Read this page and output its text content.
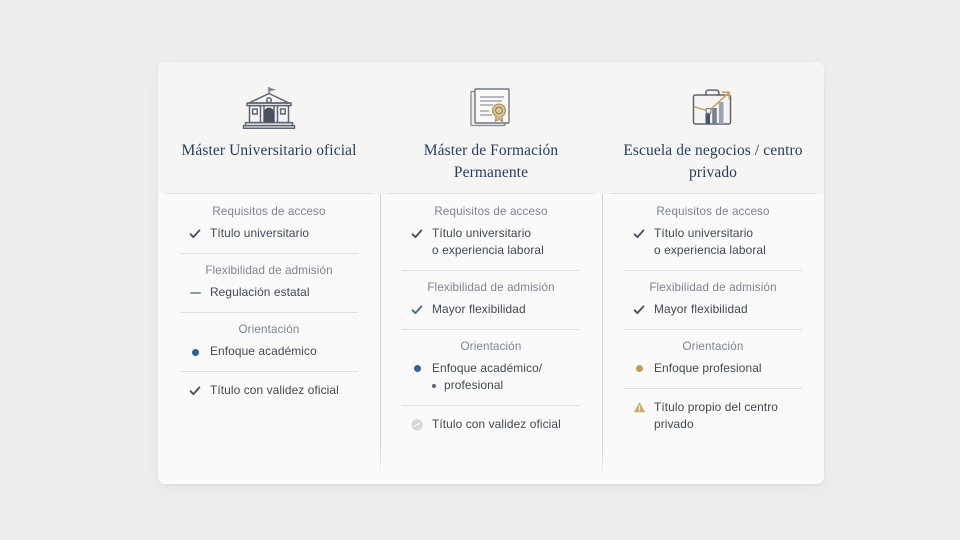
Máster Universitario oficial
Requisitos de acceso
Título universitario
Flexibilidad de admisión
Regulación estatal
Orientación
Enfoque académico
Título con validez oficial
Máster de Formación Permanente
Requisitos de acceso
Título universitario
o experiencia laboral
Flexibilidad de admisión
Mayor flexibilidad
Orientación
Enfoque académico/
profesional
Título con validez oficial
Escuela de negocios / centro privado
Requisitos de acceso
Título universitario
o experiencia laboral
Flexibilidad de admisión
Mayor flexibilidad
Orientación
Enfoque profesional
Título propio del centro
privado
